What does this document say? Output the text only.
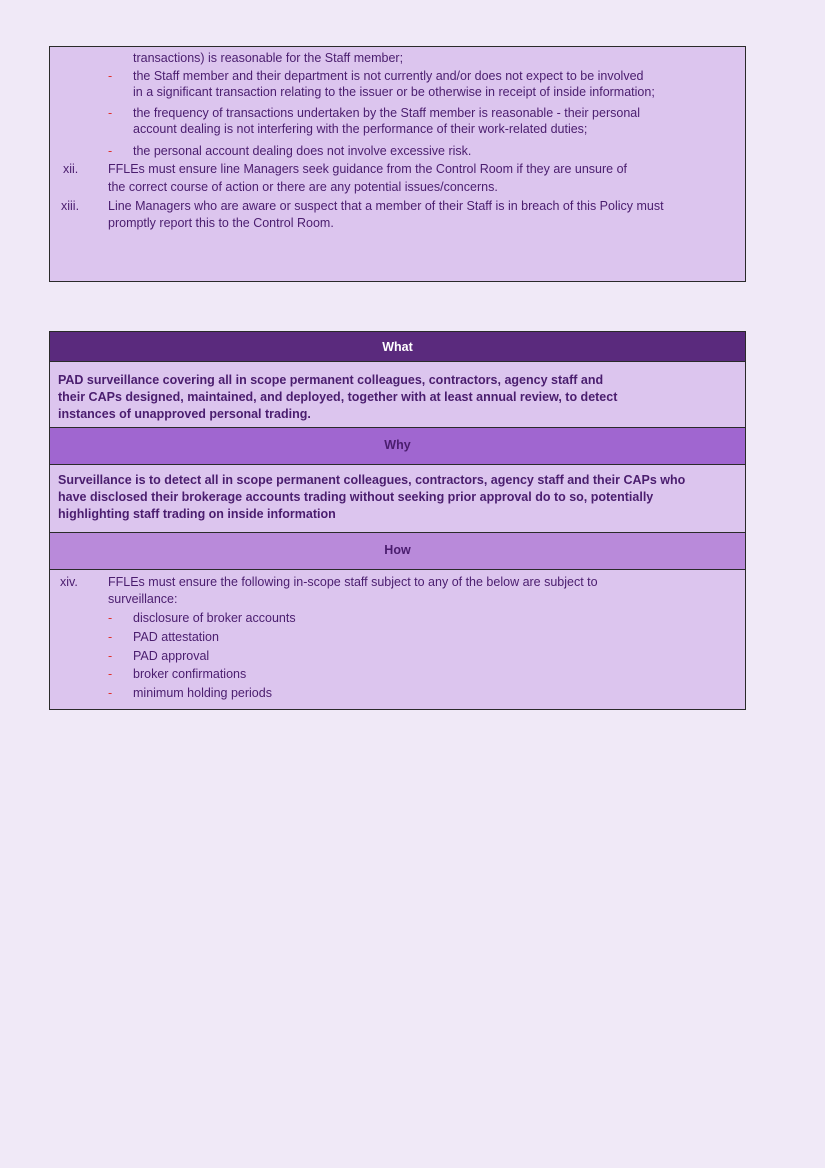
transactions) is reasonable for the Staff member;
- the Staff member and their department is not currently and/or does not expect to be involved
in a significant transaction relating to the issuer or be otherwise in receipt of inside information;
- the frequency of transactions undertaken by the Staff member is reasonable - their personal
account dealing is not interfering with the performance of their work-related duties;
- the personal account dealing does not involve excessive risk.
xii. FFLEs must ensure line Managers seek guidance from the Control Room if they are unsure of
the correct course of action or there are any potential issues/concerns.
xiii. Line Managers who are aware or suspect that a member of their Staff is in breach of this Policy must
promptly report this to the Control Room.
What
PAD surveillance covering all in scope permanent colleagues, contractors, agency staff and
their CAPs designed, maintained, and deployed, together with at least annual review, to detect
instances of unapproved personal trading.
Why
Surveillance is to detect all in scope permanent colleagues, contractors, agency staff and their CAPs who
have disclosed their brokerage accounts trading without seeking prior approval do to so, potentially
highlighting staff trading on inside information
How
xiv. FFLEs must ensure the following in-scope staff subject to any of the below are subject to
surveillance:
- disclosure of broker accounts
- PAD attestation
- PAD approval
- broker confirmations
- minimum holding periods
